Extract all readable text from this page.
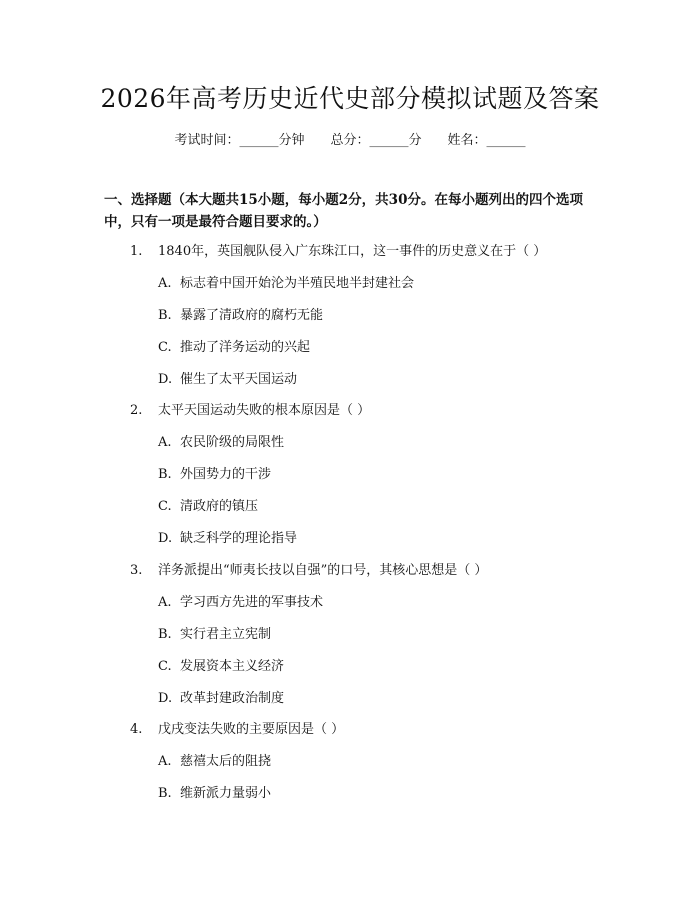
2026年高考历史近代史部分模拟试题及答案
考试时间：______分钟 总分：______分 姓名：______
一、选择题（本大题共15小题，每小题2分，共30分。在每小题列出的四个选项中，只有一项是最符合题目要求的。）
1. 1840年，英国舰队侵入广东珠江口，这一事件的历史意义在于（ ）
A. 标志着中国开始沦为半殖民地半封建社会
B. 暴露了清政府的腐朽无能
C. 推动了洋务运动的兴起
D. 催生了太平天国运动
2. 太平天国运动失败的根本原因是（ ）
A. 农民阶级的局限性
B. 外国势力的干涉
C. 清政府的镇压
D. 缺乏科学的理论指导
3. 洋务派提出“师夷长技以自强”的口号，其核心思想是（ ）
A. 学习西方先进的军事技术
B. 实行君主立宪制
C. 发展资本主义经济
D. 改革封建政治制度
4. 戊戌变法失败的主要原因是（ ）
A. 慈禧太后的阻挠
B. 维新派力量弱小
